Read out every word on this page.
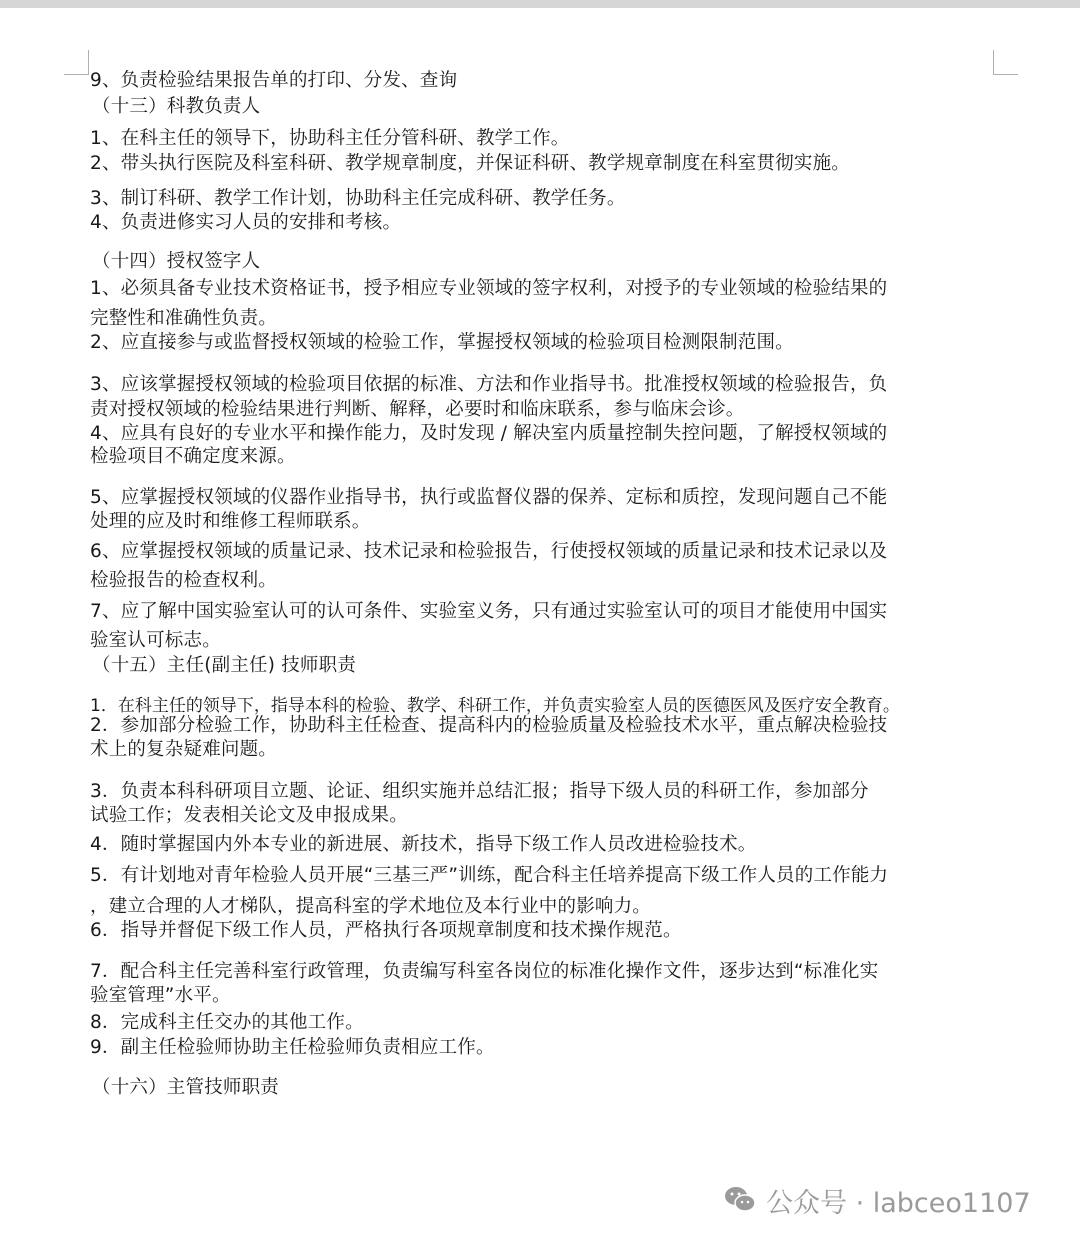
9、负责检验结果报告单的打印、分发、查询
（十三）科教负责人
1、在科主任的领导下，协助科主任分管科研、教学工作。
2、带头执行医院及科室科研、教学规章制度，并保证科研、教学规章制度在科室贯彻实施。
3、制订科研、教学工作计划，协助科主任完成科研、教学任务。
4、负责进修实习人员的安排和考核。
（十四）授权签字人
1、必须具备专业技术资格证书，授予相应专业领域的签字权利，对授予的专业领域的检验结果的
完整性和准确性负责。
2、应直接参与或监督授权领域的检验工作，掌握授权领域的检验项目检测限制范围。
3、应该掌握授权领域的检验项目依据的标准、方法和作业指导书。批准授权领域的检验报告，负
责对授权领域的检验结果进行判断、解释，必要时和临床联系，参与临床会诊。
4、应具有良好的专业水平和操作能力，及时发现 / 解决室内质量控制失控问题，了解授权领域的
检验项目不确定度来源。
5、应掌握授权领域的仪器作业指导书，执行或监督仪器的保养、定标和质控，发现问题自己不能
处理的应及时和维修工程师联系。
6、应掌握授权领域的质量记录、技术记录和检验报告，行使授权领域的质量记录和技术记录以及
检验报告的检查权利。
7、应了解中国实验室认可的认可条件、实验室义务，只有通过实验室认可的项目才能使用中国实
验室认可标志。
（十五）主任(副主任) 技师职责
1．在科主任的领导下，指导本科的检验、教学、科研工作，并负责实验室人员的医德医风及医疗安全教育。
2．参加部分检验工作，协助科主任检查、提高科内的检验质量及检验技术水平，重点解决检验技
术上的复杂疑难问题。
3．负责本科科研项目立题、论证、组织实施并总结汇报；指导下级人员的科研工作，参加部分
试验工作；发表相关论文及申报成果。
4．随时掌握国内外本专业的新进展、新技术，指导下级工作人员改进检验技术。
5．有计划地对青年检验人员开展“三基三严”训练，配合科主任培养提高下级工作人员的工作能力
，建立合理的人才梯队，提高科室的学术地位及本行业中的影响力。
6．指导并督促下级工作人员，严格执行各项规章制度和技术操作规范。
7．配合科主任完善科室行政管理，负责编写科室各岗位的标准化操作文件，逐步达到“标准化实
验室管理”水平。
8．完成科主任交办的其他工作。
9．副主任检验师协助主任检验师负责相应工作。
（十六）主管技师职责
公众号 · labceo1107
